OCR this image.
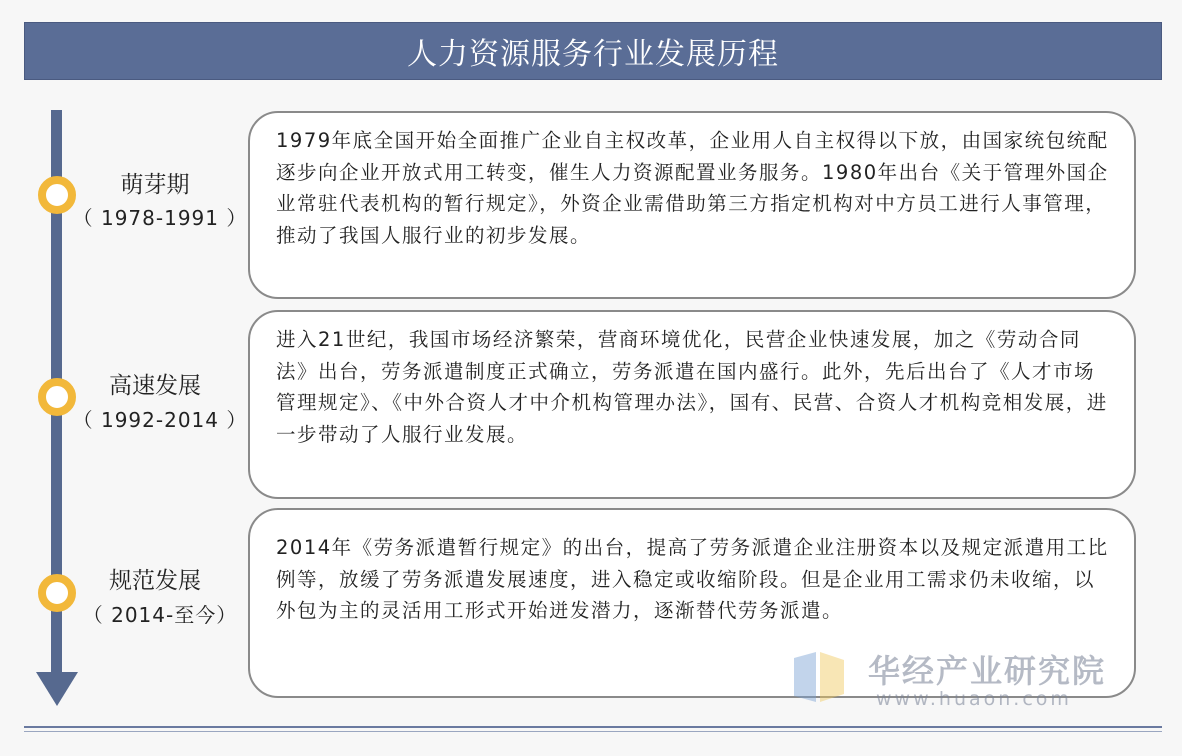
人力资源服务行业发展历程
萌芽期
（ 1978-1991 ）
1979年底全国开始全面推广企业自主权改革，企业用人自主权得以下放，由国家统包统配逐步向企业开放式用工转变，催生人力资源配置业务服务。1980年出台《关于管理外国企业常驻代表机构的暂行规定》，外资企业需借助第三方指定机构对中方员工进行人事管理，推动了我国人服行业的初步发展。
高速发展
（ 1992-2014 ）
进入21世纪，我国市场经济繁荣，营商环境优化，民营企业快速发展，加之《劳动合同法》出台，劳务派遣制度正式确立，劳务派遣在国内盛行。此外，先后出台了《人才市场管理规定》、《中外合资人才中介机构管理办法》，国有、民营、合资人才机构竞相发展，进一步带动了人服行业发展。
规范发展
（ 2014-至今）
2014年《劳务派遣暂行规定》的出台，提高了劳务派遣企业注册资本以及规定派遣用工比例等，放缓了劳务派遣发展速度，进入稳定或收缩阶段。但是企业用工需求仍未收缩，以外包为主的灵活用工形式开始迸发潜力，逐渐替代劳务派遣。
华经产业研究院
www.huaon.com
